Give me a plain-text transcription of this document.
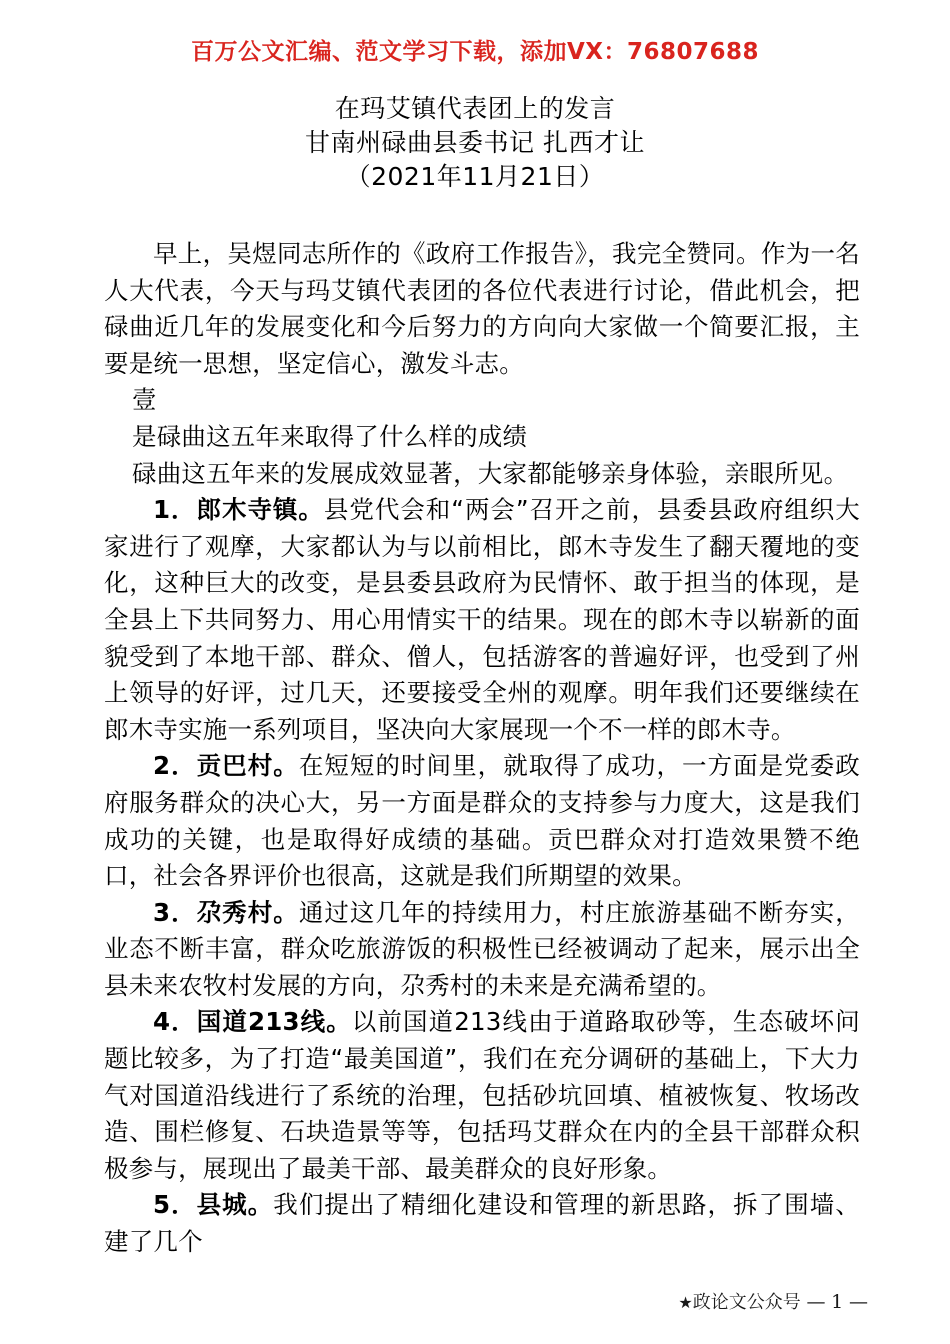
百万公文汇编、范文学习下载，添加VX：76807688
在玛艾镇代表团上的发言
甘南州碌曲县委书记 扎西才让
（2021年11月21日）

早上，吴煜同志所作的《政府工作报告》，我完全赞同。作为一名人大代表，今天与玛艾镇代表团的各位代表进行讨论，借此机会，把碌曲近几年的发展变化和今后努力的方向向大家做一个简要汇报，主要是统一思想，坚定信心，激发斗志。

壹

是碌曲这五年来取得了什么样的成绩

碌曲这五年来的发展成效显著，大家都能够亲身体验，亲眼所见。

1．郎木寺镇。县党代会和“两会”召开之前，县委县政府组织大家进行了观摩，大家都认为与以前相比，郎木寺发生了翻天覆地的变化，这种巨大的改变，是县委县政府为民情怀、敢于担当的体现，是全县上下共同努力、用心用情实干的结果。现在的郎木寺以崭新的面貌受到了本地干部、群众、僧人，包括游客的普遍好评，也受到了州上领导的好评，过几天，还要接受全州的观摩。明年我们还要继续在郎木寺实施一系列项目，坚决向大家展现一个不一样的郎木寺。

2．贡巴村。在短短的时间里，就取得了成功，一方面是党委政府服务群众的决心大，另一方面是群众的支持参与力度大，这是我们成功的关键，也是取得好成绩的基础。贡巴群众对打造效果赞不绝口，社会各界评价也很高，这就是我们所期望的效果。

3．尕秀村。通过这几年的持续用力，村庄旅游基础不断夯实，业态不断丰富，群众吃旅游饭的积极性已经被调动了起来，展示出全县未来农牧村发展的方向，尕秀村的未来是充满希望的。

4．国道213线。以前国道213线由于道路取砂等，生态破坏问题比较多，为了打造“最美国道”，我们在充分调研的基础上，下大力气对国道沿线进行了系统的治理，包括砂坑回填、植被恢复、牧场改造、围栏修复、石块造景等等，包括玛艾群众在内的全县干部群众积极参与，展现出了最美干部、最美群众的良好形象。

5．县城。我们提出了精细化建设和管理的新思路，拆了围墙、建了几个

★政论文公众号 — 1 —
